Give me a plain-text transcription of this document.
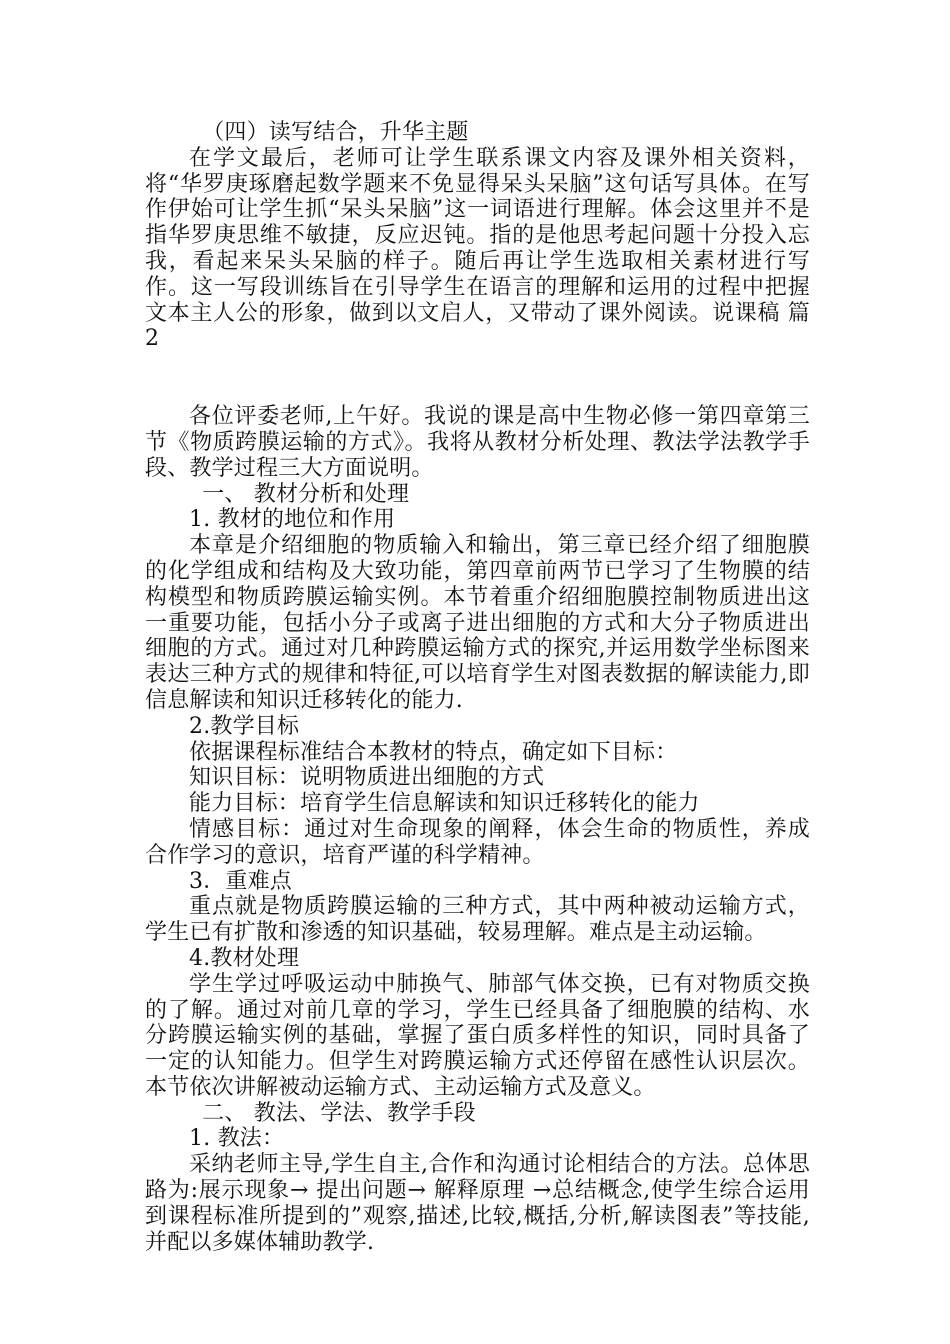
（四）读写结合，升华主题

在学文最后，老师可让学生联系课文内容及课外相关资料，将“华罗庚琢磨起数学题来不免显得呆头呆脑”这句话写具体。在写作伊始可让学生抓“呆头呆脑”这一词语进行理解。体会这里并不是指华罗庚思维不敏捷，反应迟钝。指的是他思考起问题十分投入忘我，看起来呆头呆脑的样子。随后再让学生选取相关素材进行写作。这一写段训练旨在引导学生在语言的理解和运用的过程中把握文本主人公的形象，做到以文启人，又带动了课外阅读。说课稿 篇2

各位评委老师,上午好。我说的课是高中生物必修一第四章第三节《物质跨膜运输的方式》。我将从教材分析处理、教法学法教学手段、教学过程三大方面说明。

一、 教材分析和处理

1. 教材的地位和作用

本章是介绍细胞的物质输入和输出，第三章已经介绍了细胞膜的化学组成和结构及大致功能，第四章前两节已学习了生物膜的结构模型和物质跨膜运输实例。本节着重介绍细胞膜控制物质进出这一重要功能，包括小分子或离子进出细胞的方式和大分子物质进出细胞的方式。通过对几种跨膜运输方式的探究,并运用数学坐标图来表达三种方式的规律和特征,可以培育学生对图表数据的解读能力,即信息解读和知识迁移转化的能力.

2.教学目标

依据课程标准结合本教材的特点，确定如下目标：

知识目标：说明物质进出细胞的方式

能力目标：培育学生信息解读和知识迁移转化的能力

情感目标：通过对生命现象的阐释，体会生命的物质性，养成合作学习的意识，培育严谨的科学精神。

3．重难点

重点就是物质跨膜运输的三种方式，其中两种被动运输方式，学生已有扩散和渗透的知识基础，较易理解。难点是主动运输。

4.教材处理

学生学过呼吸运动中肺换气、肺部气体交换，已有对物质交换的了解。通过对前几章的学习，学生已经具备了细胞膜的结构、水分跨膜运输实例的基础，掌握了蛋白质多样性的知识，同时具备了一定的认知能力。但学生对跨膜运输方式还停留在感性认识层次。本节依次讲解被动运输方式、主动运输方式及意义。

二、 教法、学法、教学手段

1. 教法：

采纳老师主导,学生自主,合作和沟通讨论相结合的方法。总体思路为:展示现象→ 提出问题→ 解释原理 →总结概念,使学生综合运用到课程标准所提到的”观察,描述,比较,概括,分析,解读图表”等技能,并配以多媒体辅助教学.
